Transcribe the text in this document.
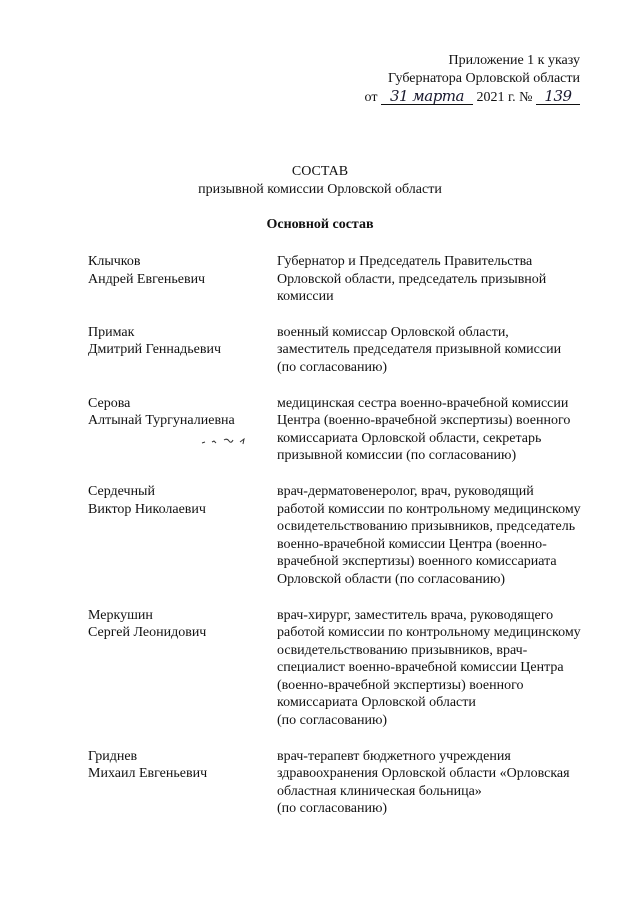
Приложение 1 к указу
Губернатора Орловской области
от 31 марта 2021 г. № 139
СОСТАВ
призывной комиссии Орловской области
Основной состав
Клычков
Андрей Евгеньевич
Губернатор и Председатель Правительства
Орловской области, председатель призывной
комиссии
Примак
Дмитрий Геннадьевич
военный комиссар Орловской области,
заместитель председателя призывной комиссии
(по согласованию)
Серова
Алтынай Тургуналиевна
медицинская сестра военно-врачебной комиссии
Центра (военно-врачебной экспертизы) военного
комиссариата Орловской области, секретарь
призывной комиссии (по согласованию)
Сердечный
Виктор Николаевич
врач-дерматовенеролог, врач, руководящий
работой комиссии по контрольному медицинскому
освидетельствованию призывников, председатель
военно-врачебной комиссии Центра (военно-
врачебной экспертизы) военного комиссариата
Орловской области (по согласованию)
Меркушин
Сергей Леонидович
врач-хирург, заместитель врача, руководящего
работой комиссии по контрольному медицинскому
освидетельствованию призывников, врач-
специалист военно-врачебной комиссии Центра
(военно-врачебной экспертизы) военного
комиссариата Орловской области
(по согласованию)
Гриднев
Михаил Евгеньевич
врач-терапевт бюджетного учреждения
здравоохранения Орловской области «Орловская
областная клиническая больница»
(по согласованию)
